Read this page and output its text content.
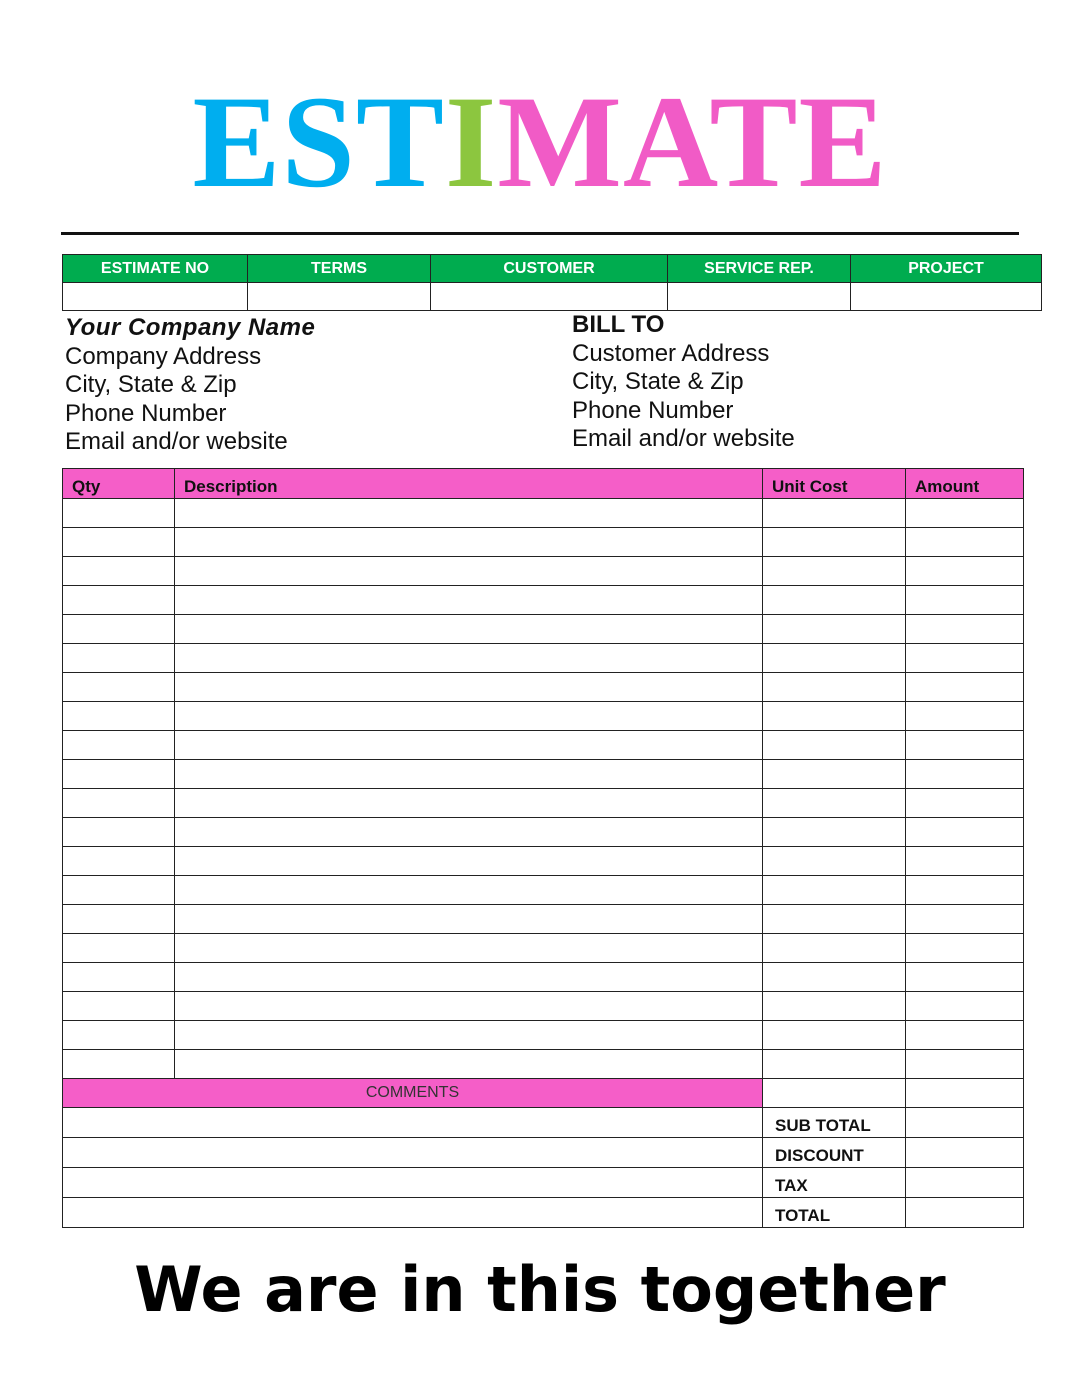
ESTIMATE
ESTIMATE NO	TERMS	CUSTOMER	SERVICE REP.	PROJECT

Your Company Name
Company Address
City, State & Zip
Phone Number
Email and/or website
BILL TO
Customer Address
City, State & Zip
Phone Number
Email and/or website
Qty	Description	Unit Cost	Amount

COMMENTS			
		SUB TOTAL	
		DISCOUNT	
		TAX	
		TOTAL	
We are in this together
